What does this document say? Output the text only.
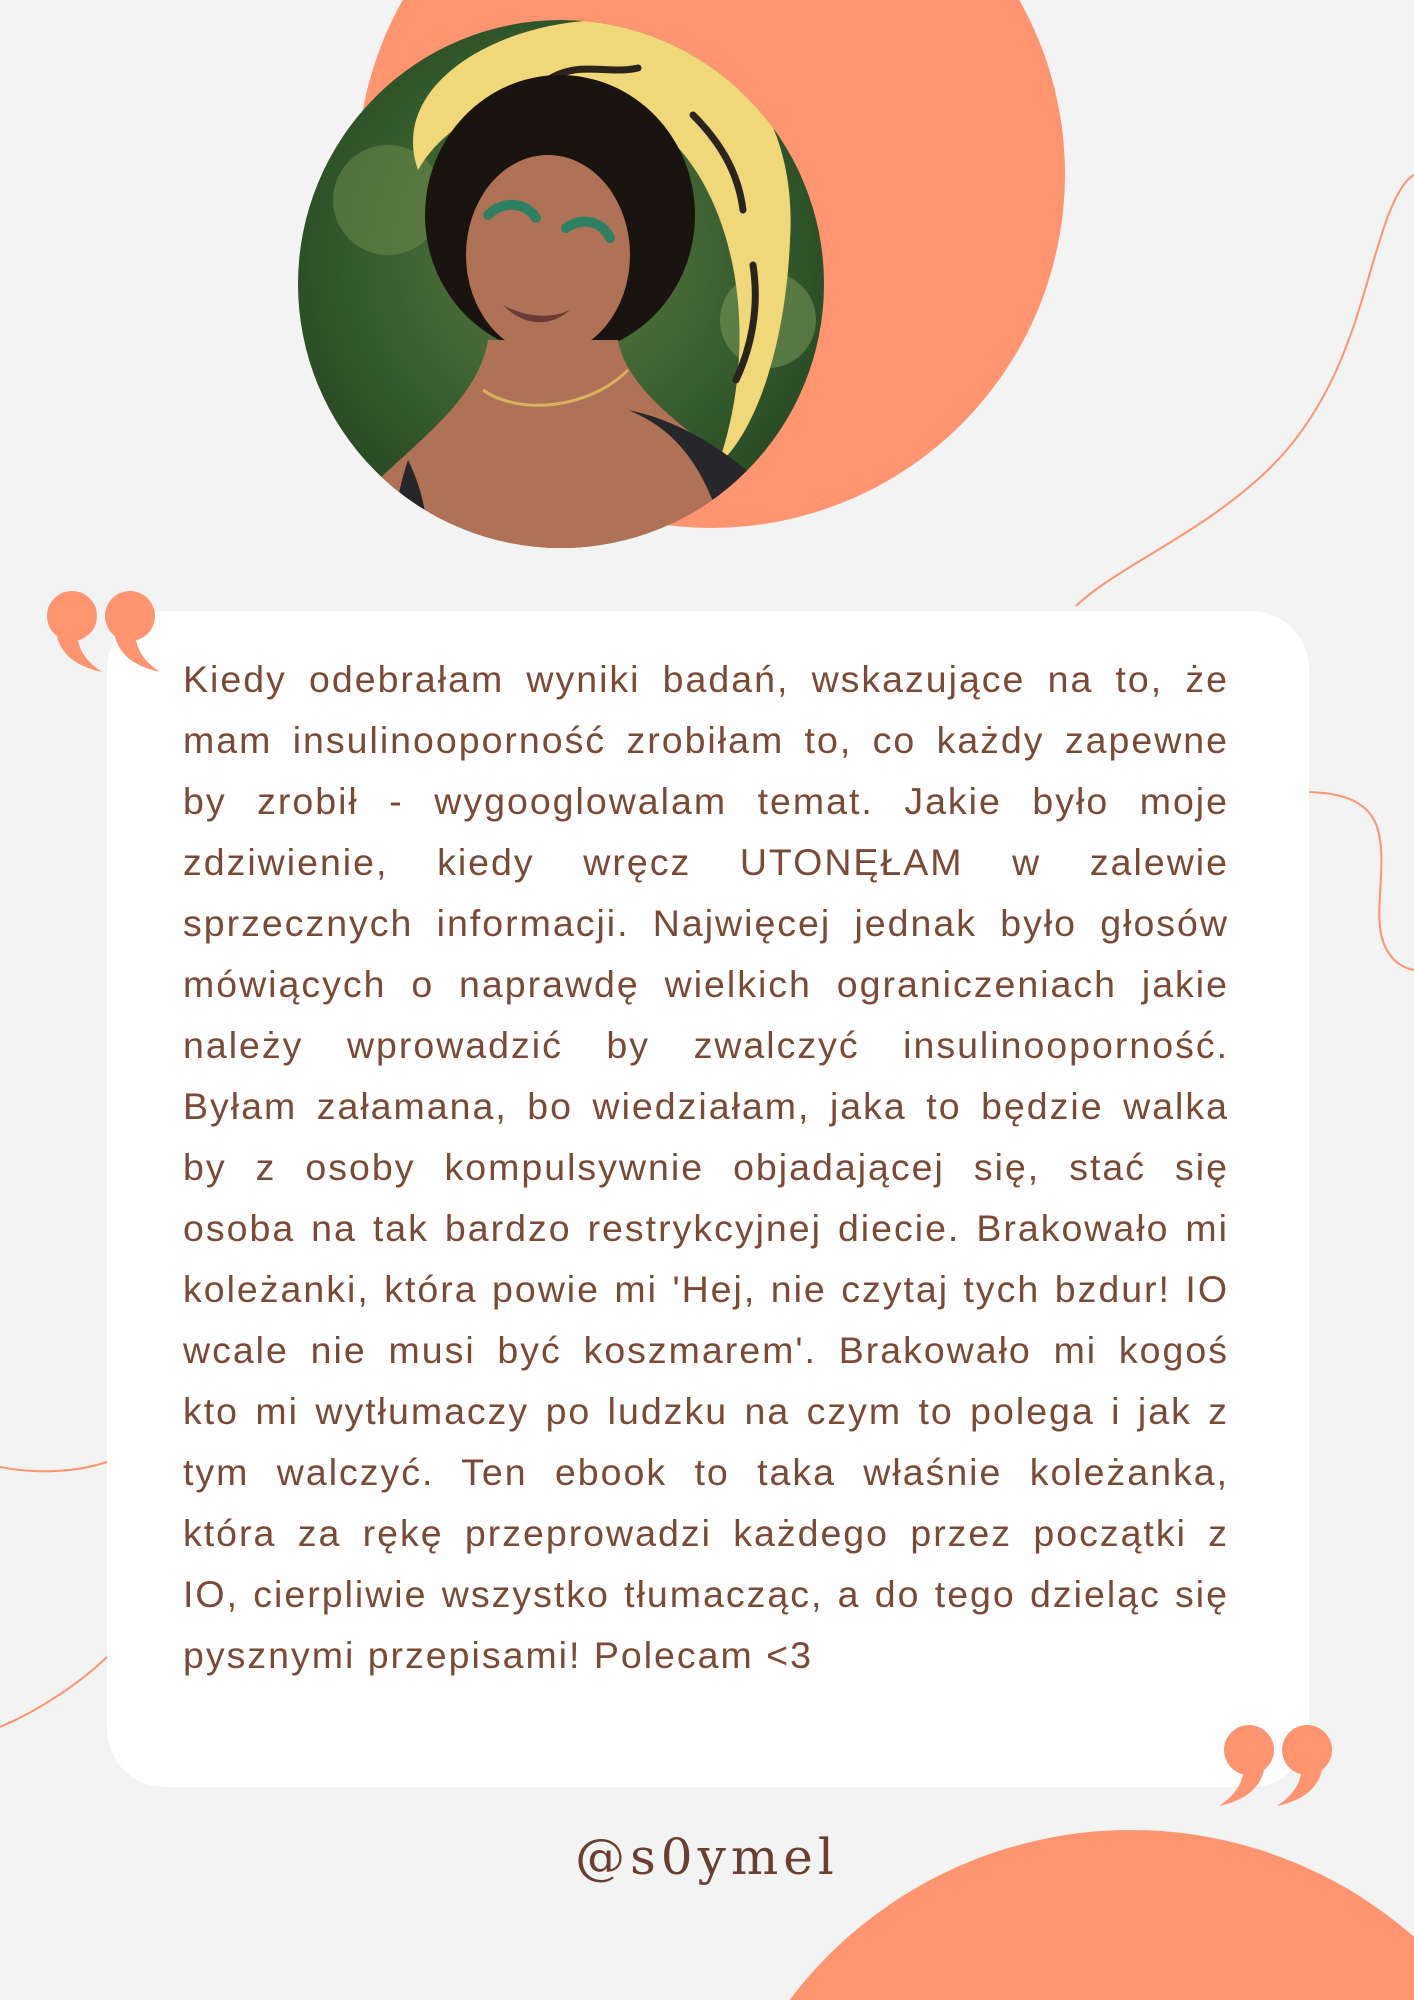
Kiedy odebrałam wyniki badań, wskazujące na to, że mam insulinooporność zrobiłam to, co każdy zapewne by zrobił - wygooglowalam temat. Jakie było moje zdziwienie, kiedy wręcz UTONĘŁAM w zalewie sprzecznych informacji. Najwięcej jednak było głosów mówiących o naprawdę wielkich ograniczeniach jakie należy wprowadzić by zwalczyć insulinooporność. Byłam załamana, bo wiedziałam, jaka to będzie walka by z osoby kompulsywnie objadającej się, stać się osoba na tak bardzo restrykcyjnej diecie. Brakowało mi koleżanki, która powie mi 'Hej, nie czytaj tych bzdur! IO wcale nie musi być koszmarem'. Brakowało mi kogoś kto mi wytłumaczy po ludzku na czym to polega i jak z tym walczyć. Ten ebook to taka właśnie koleżanka, która za rękę przeprowadzi każdego przez początki z IO, cierpliwie wszystko tłumacząc, a do tego dzieląc się pysznymi przepisami! Polecam <3

@s0ymel
